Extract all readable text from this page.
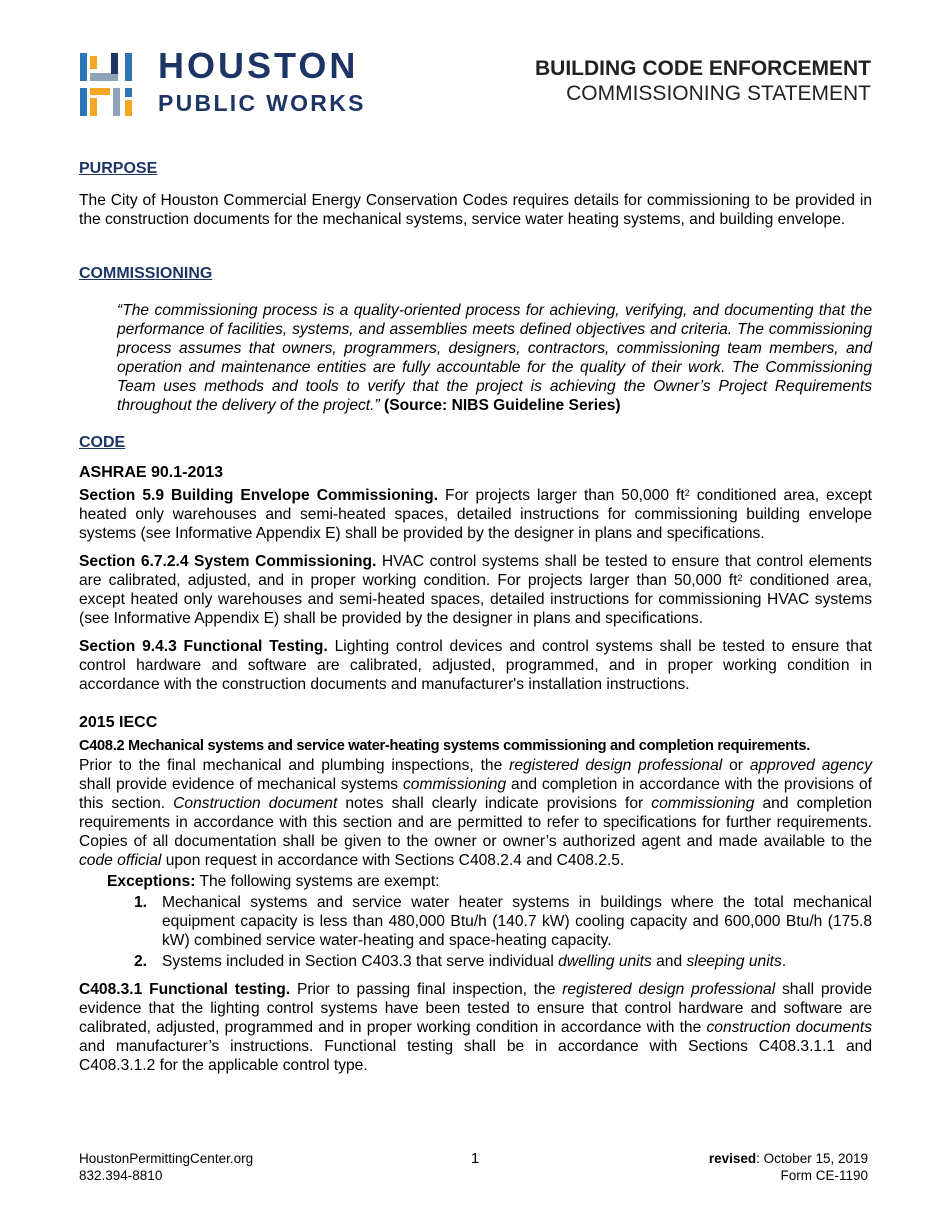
HOUSTON
PUBLIC WORKS
BUILDING CODE ENFORCEMENT
COMMISSIONING STATEMENT
PURPOSE

The City of Houston Commercial Energy Conservation Codes requires details for commissioning to be provided in the construction documents for the mechanical systems, service water heating systems, and building envelope.

COMMISSIONING

“The commissioning process is a quality-oriented process for achieving, verifying, and documenting that the performance of facilities, systems, and assemblies meets defined objectives and criteria. The commissioning process assumes that owners, programmers, designers, contractors, commissioning team members, and operation and maintenance entities are fully accountable for the quality of their work. The Commissioning Team uses methods and tools to verify that the project is achieving the Owner’s Project Requirements throughout the delivery of the project.” (Source: NIBS Guideline Series)

CODE
ASHRAE 90.1-2013

Section 5.9 Building Envelope Commissioning. For projects larger than 50,000 $ft^2$ conditioned area, except heated only warehouses and semi-heated spaces, detailed instructions for commissioning building envelope systems (see Informative Appendix E) shall be provided by the designer in plans and specifications.

Section 6.7.2.4 System Commissioning. HVAC control systems shall be tested to ensure that control elements are calibrated, adjusted, and in proper working condition. For projects larger than 50,000 $ft^2$ conditioned area, except heated only warehouses and semi-heated spaces, detailed instructions for commissioning HVAC systems (see Informative Appendix E) shall be provided by the designer in plans and specifications.

Section 9.4.3 Functional Testing. Lighting control devices and control systems shall be tested to ensure that control hardware and software are calibrated, adjusted, programmed, and in proper working condition in accordance with the construction documents and manufacturer's installation instructions.

2015 IECC
C408.2 Mechanical systems and service water-heating systems commissioning and completion requirements.

Prior to the final mechanical and plumbing inspections, the registered design professional or approved agency shall provide evidence of mechanical systems commissioning and completion in accordance with the provisions of this section. Construction document notes shall clearly indicate provisions for commissioning and completion requirements in accordance with this section and are permitted to refer to specifications for further requirements. Copies of all documentation shall be given to the owner or owner’s authorized agent and made available to the code official upon request in accordance with Sections C408.2.4 and C408.2.5.

Exceptions: The following systems are exempt:

1. Mechanical systems and service water heater systems in buildings where the total mechanical equipment capacity is less than 480,000 Btu/h (140.7 kW) cooling capacity and 600,000 Btu/h (175.8 kW) combined service water-heating and space-heating capacity.
2. Systems included in Section C403.3 that serve individual dwelling units and sleeping units.

C408.3.1 Functional testing. Prior to passing final inspection, the registered design professional shall provide evidence that the lighting control systems have been tested to ensure that control hardware and software are calibrated, adjusted, programmed and in proper working condition in accordance with the construction documents and manufacturer’s instructions. Functional testing shall be in accordance with Sections C408.3.1.1 and C408.3.1.2 for the applicable control type.

HoustonPermittingCenter.org
832.394-8810
1	revised: October 15, 2019
Form CE-1190
